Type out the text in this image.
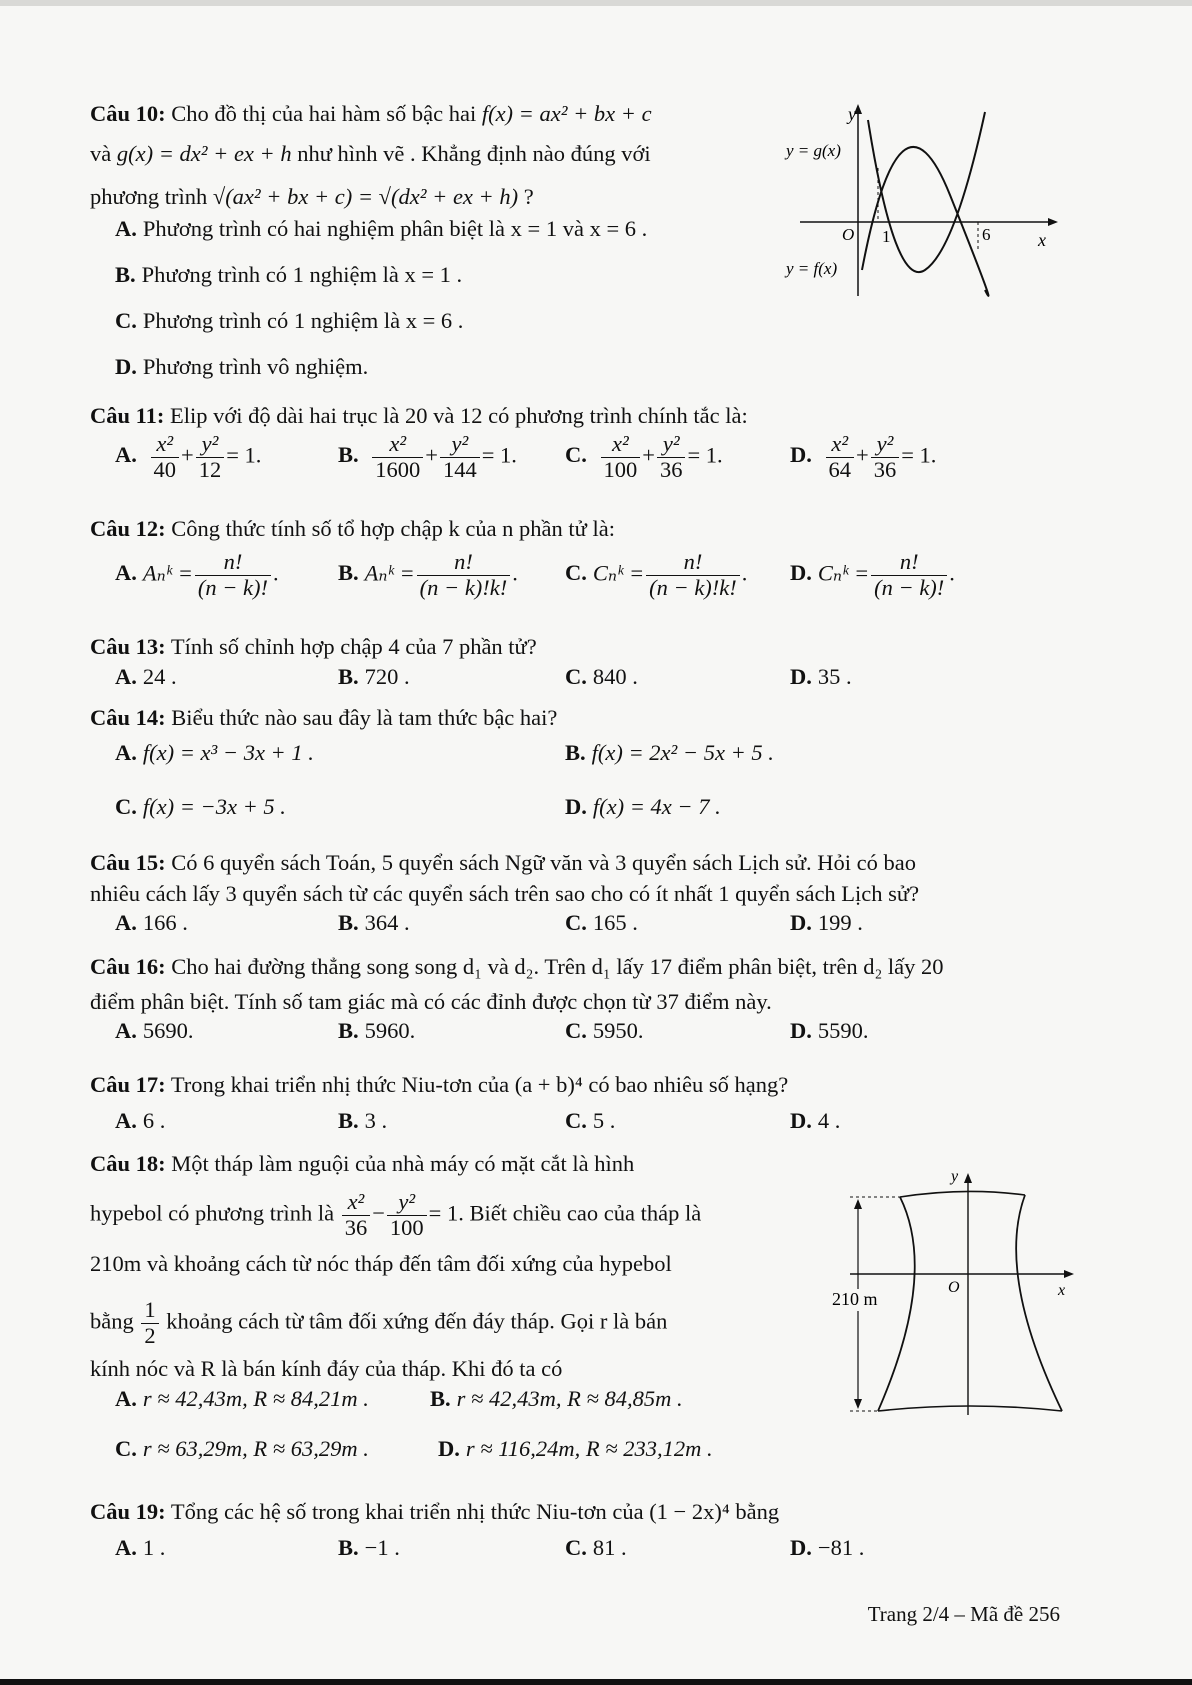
Câu 10: Cho đồ thị của hai hàm số bậc hai f(x) = ax² + bx + c
và g(x) = dx² + ex + h như hình vẽ . Khẳng định nào đúng với
phương trình √(ax² + bx + c) = √(dx² + ex + h) ?
A. Phương trình có hai nghiệm phân biệt là x = 1 và x = 6 .
B. Phương trình có 1 nghiệm là x = 1 .
C. Phương trình có 1 nghiệm là x = 6 .
D. Phương trình vô nghiệm.
y
x
O 1	6
y = g(x)
y = f(x)
Câu 11: Elip với độ dài hai trục là 20 và 12 có phương trình chính tắc là:
A. $\frac{\text{x²}}{40} + \frac{\text{y²}}{12} = 1$.	B. $\frac{\text{x²}}{1600} + \frac{\text{y²}}{144} = 1$. C. $\frac{\text{x²}}{100} + \frac{\text{y²}}{36} = 1$.	D. $\frac{\text{x²}}{64} + \frac{\text{y²}}{36} = 1$.
Câu 12: Công thức tính số tổ hợp chập k của n phần tử là:
A. Aₙᵏ = $\frac{n!}{(n - k)!}$ .	B. Aₙᵏ = $\frac{n!}{(n - k)!k!}$ . C. Cₙᵏ = $\frac{n!}{(n - k)!k!}$ . D. Cₙᵏ = $\frac{n!}{(n - k)!}$ .
Câu 13: Tính số chỉnh hợp chập 4 của 7 phần tử?
A. 24 .	B. 720 .	C. 840 .	D. 35 .
Câu 14: Biểu thức nào sau đây là tam thức bậc hai?
A. f(x) = x³ − 3x + 1 .	B. f(x) = 2x² − 5x + 5 .
C. f(x) = −3x + 5 .	D. f(x) = 4x − 7 .
Câu 15: Có 6 quyển sách Toán, 5 quyển sách Ngữ văn và 3 quyển sách Lịch sử. Hỏi có bao
nhiêu cách lấy 3 quyển sách từ các quyển sách trên sao cho có ít nhất 1 quyển sách Lịch sử?
A. 166 .	B. 364 .	C. 165 .	D. 199 .
Câu 16: Cho hai đường thẳng song song d₁ và d₂. Trên d₁ lấy 17 điểm phân biệt, trên d₂ lấy 20
điểm phân biệt. Tính số tam giác mà có các đỉnh được chọn từ 37 điểm này.
A. 5690.	B. 5960.	C. 5950.	D. 5590.
Câu 17: Trong khai triển nhị thức Niu-tơn của (a + b)⁴ có bao nhiêu số hạng?
A. 6 .	B. 3 .	C. 5 .	D. 4 .
Câu 18: Một tháp làm nguội của nhà máy có mặt cắt là hình
hypebol có phương trình là $\frac{\text{x²}}{36} - \frac{\text{y²}}{100} = 1$. Biết chiều cao của tháp là
210m và khoảng cách từ nóc tháp đến tâm đối xứng của hypebol
bằng $\frac{1}{2}$ khoảng cách từ tâm đối xứng đến đáy tháp. Gọi r là bán
kính nóc và R là bán kính đáy của tháp. Khi đó ta có
A. r ≈ 42,43m, R ≈ 84,21m .	B. r ≈ 42,43m, R ≈ 84,85m .
C. r ≈ 63,29m, R ≈ 63,29m .	D. r ≈ 116,24m, R ≈ 233,12m .
210 m
y
x
O
Câu 19: Tổng các hệ số trong khai triển nhị thức Niu-tơn của (1 − 2x)⁴ bằng
A. 1 .	B. −1 .	C. 81 .	D. −81 .
Trang 2/4 – Mã đề 256
